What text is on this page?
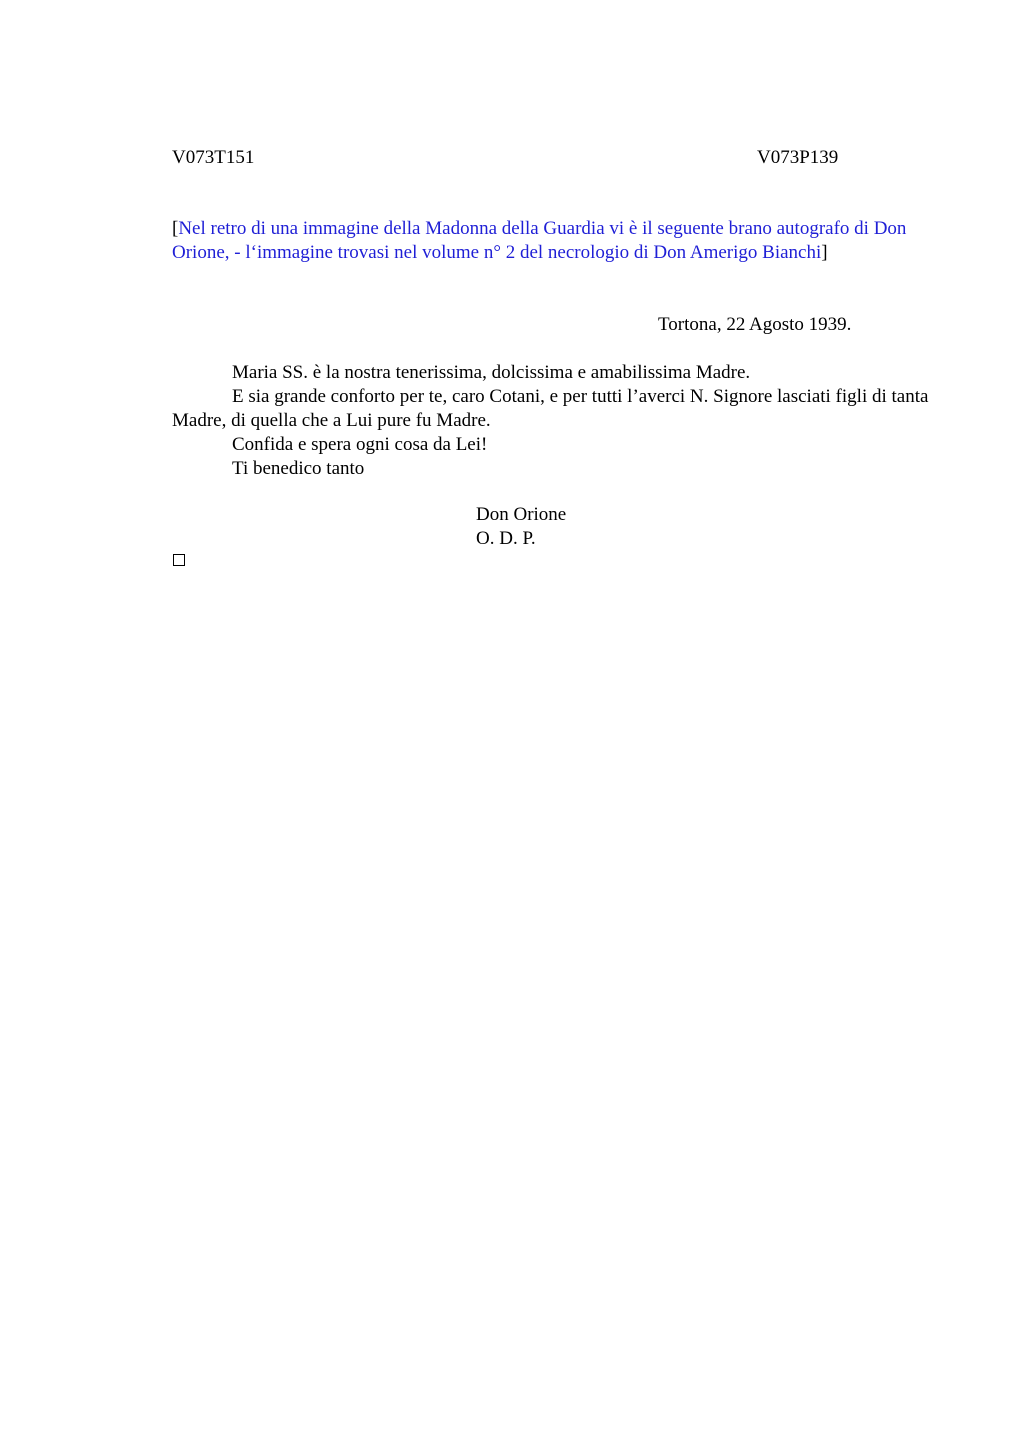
V073T151	V073P139
[Nel retro di una immagine della Madonna della Guardia vi è il seguente brano autografo di Don Orione, - l‘immagine trovasi nel volume n° 2 del necrologio di Don Amerigo Bianchi]
Tortona, 22 Agosto 1939.

Maria SS. è la nostra tenerissima, dolcissima e amabilissima Madre.

E sia grande conforto per te, caro Cotani, e per tutti l’averci N. Signore lasciati figli di tanta Madre, di quella che a Lui pure fu Madre.

Confida e spera ogni cosa da Lei!

Ti benedico tanto

Don Orione
O. D. P.
